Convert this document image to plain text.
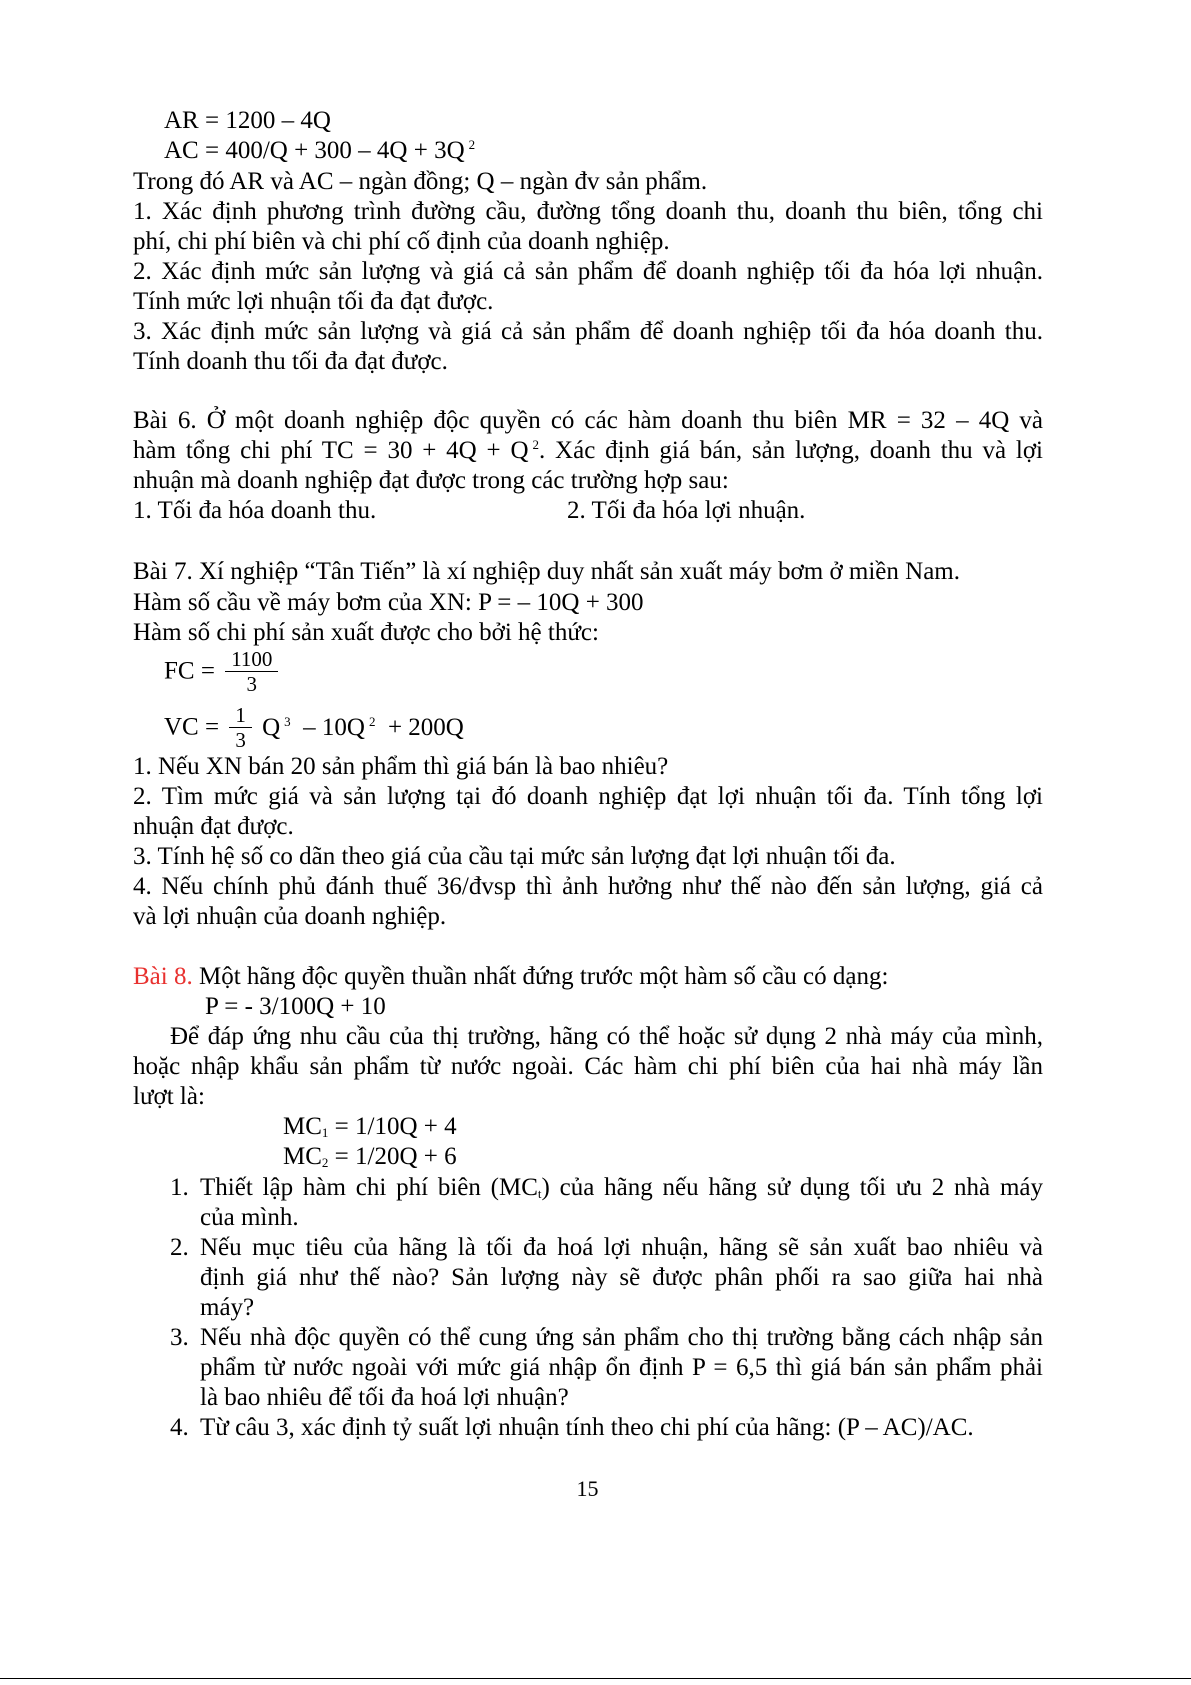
AR = 1200 – 4Q
AC = 400/Q + 300 – 4Q + 3Q $^2$
Trong đó AR và AC – ngàn đồng; Q – ngàn đv sản phẩm.
1. Xác định phương trình đường cầu, đường tổng doanh thu, doanh thu biên, tổng chi
phí, chi phí biên và chi phí cố định của doanh nghiệp.
2. Xác định mức sản lượng và giá cả sản phẩm để doanh nghiệp tối đa hóa lợi nhuận.
Tính mức lợi nhuận tối đa đạt được.
3. Xác định mức sản lượng và giá cả sản phẩm để doanh nghiệp tối đa hóa doanh thu.
Tính doanh thu tối đa đạt được.
Bài 6. Ở một doanh nghiệp độc quyền có các hàm doanh thu biên MR = 32 – 4Q và
hàm tổng chi phí TC = 30 + 4Q + Q $^2$. Xác định giá bán, sản lượng, doanh thu và lợi
nhuận mà doanh nghiệp đạt được trong các trường hợp sau:
1. Tối đa hóa doanh thu.	2. Tối đa hóa lợi nhuận.
Bài 7. Xí nghiệp “Tân Tiến” là xí nghiệp duy nhất sản xuất máy bơm ở miền Nam.
Hàm số cầu về máy bơm của XN: P = – 10Q + 300
Hàm số chi phí sản xuất được cho bởi hệ thức:
FC = $\frac{1100}{3}$
VC = $\frac{1}{3}$ Q $^3$ – 10Q $^2$ + 200Q
1. Nếu XN bán 20 sản phẩm thì giá bán là bao nhiêu?
2. Tìm mức giá và sản lượng tại đó doanh nghiệp đạt lợi nhuận tối đa. Tính tổng lợi
nhuận đạt được.
3. Tính hệ số co dãn theo giá của cầu tại mức sản lượng đạt lợi nhuận tối đa.
4. Nếu chính phủ đánh thuế 36/đvsp thì ảnh hưởng như thế nào đến sản lượng, giá cả
và lợi nhuận của doanh nghiệp.
Bài 8. Một hãng độc quyền thuần nhất đứng trước một hàm số cầu có dạng:
P = - 3/100Q + 10
Để đáp ứng nhu cầu của thị trường, hãng có thể hoặc sử dụng 2 nhà máy của mình,
hoặc nhập khẩu sản phẩm từ nước ngoài. Các hàm chi phí biên của hai nhà máy lần
lượt là:
$MC_1 = 1/10Q + 4$
$MC_2 = 1/20Q + 6$
1. Thiết lập hàm chi phí biên $(MC_t)$ của hãng nếu hãng sử dụng tối ưu 2 nhà máy
của mình.
2. Nếu mục tiêu của hãng là tối đa hoá lợi nhuận, hãng sẽ sản xuất bao nhiêu và
định giá như thế nào? Sản lượng này sẽ được phân phối ra sao giữa hai nhà
máy?
3. Nếu nhà độc quyền có thể cung ứng sản phẩm cho thị trường bằng cách nhập sản
phẩm từ nước ngoài với mức giá nhập ổn định P = 6,5 thì giá bán sản phẩm phải
là bao nhiêu để tối đa hoá lợi nhuận?
4. Từ câu 3, xác định tỷ suất lợi nhuận tính theo chi phí của hãng: (P – AC)/AC.
15
